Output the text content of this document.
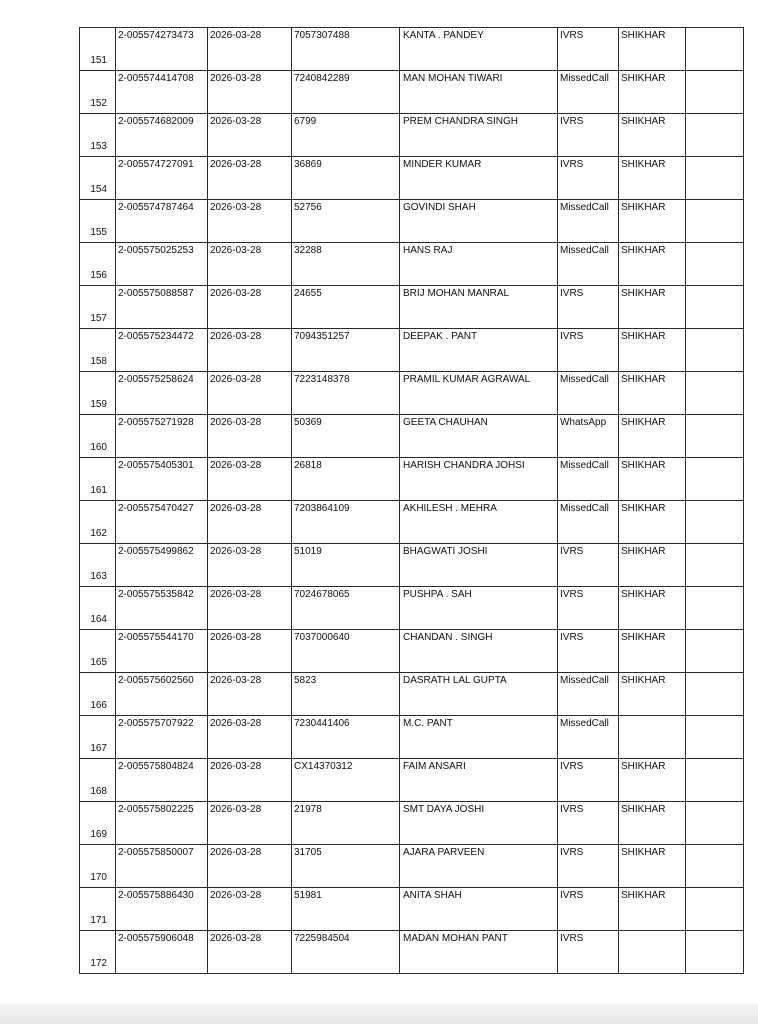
151	2-005574273473	2026-03-28	7057307488	KANTA . PANDEY	IVRS	SHIKHAR	
152	2-005574414708	2026-03-28	7240842289	MAN MOHAN TIWARI	MissedCall	SHIKHAR	
153	2-005574682009	2026-03-28	6799	PREM CHANDRA SINGH	IVRS	SHIKHAR	
154	2-005574727091	2026-03-28	36869	MINDER KUMAR	IVRS	SHIKHAR	
155	2-005574787464	2026-03-28	52756	GOVINDI SHAH	MissedCall	SHIKHAR	
156	2-005575025253	2026-03-28	32288	HANS RAJ	MissedCall	SHIKHAR	
157	2-005575088587	2026-03-28	24655	BRIJ MOHAN MANRAL	IVRS	SHIKHAR	
158	2-005575234472	2026-03-28	7094351257	DEEPAK . PANT	IVRS	SHIKHAR	
159	2-005575258624	2026-03-28	7223148378	PRAMIL KUMAR AGRAWAL	MissedCall	SHIKHAR	
160	2-005575271928	2026-03-28	50369	GEETA CHAUHAN	WhatsApp	SHIKHAR	
161	2-005575405301	2026-03-28	26818	HARISH CHANDRA JOHSI	MissedCall	SHIKHAR	
162	2-005575470427	2026-03-28	7203864109	AKHILESH . MEHRA	MissedCall	SHIKHAR	
163	2-005575499862	2026-03-28	51019	BHAGWATI JOSHI	IVRS	SHIKHAR	
164	2-005575535842	2026-03-28	7024678065	PUSHPA . SAH	IVRS	SHIKHAR	
165	2-005575544170	2026-03-28	7037000640	CHANDAN . SINGH	IVRS	SHIKHAR	
166	2-005575602560	2026-03-28	5823	DASRATH LAL GUPTA	MissedCall	SHIKHAR	
167	2-005575707922	2026-03-28	7230441406	M.C. PANT	MissedCall		
168	2-005575804824	2026-03-28	CX14370312	FAIM ANSARI	IVRS	SHIKHAR	
169	2-005575802225	2026-03-28	21978	SMT DAYA JOSHI	IVRS	SHIKHAR	
170	2-005575850007	2026-03-28	31705	AJARA PARVEEN	IVRS	SHIKHAR	
171	2-005575886430	2026-03-28	51981	ANITA SHAH	IVRS	SHIKHAR	
172	2-005575906048	2026-03-28	7225984504	MADAN MOHAN PANT	IVRS		
